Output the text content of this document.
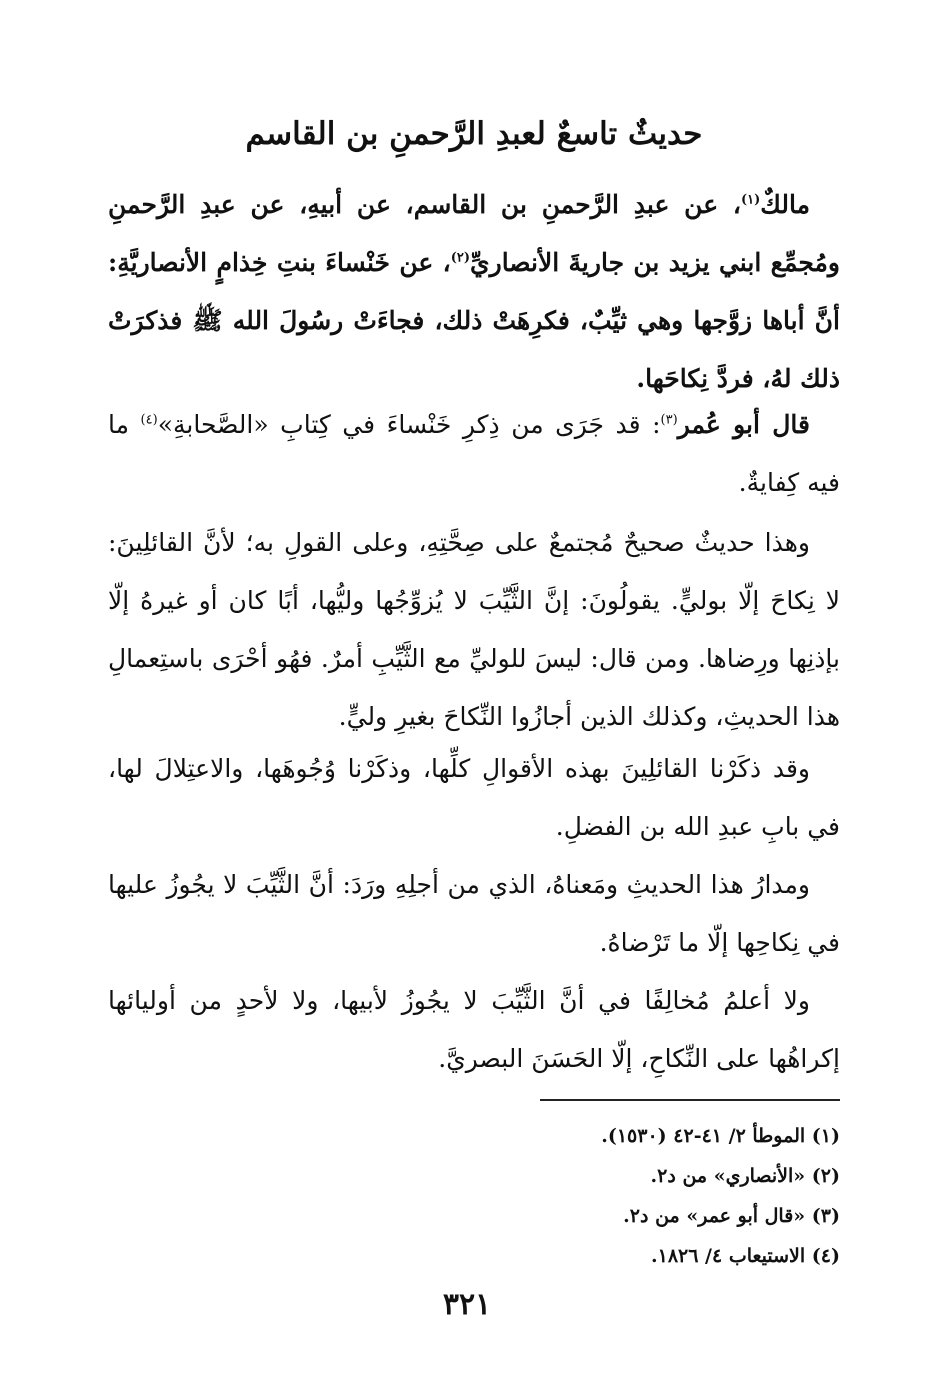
حديثٌ تاسعٌ لعبدِ الرَّحمنِ بن القاسم

مالكٌ$^{(١)}$، عن عبدِ الرَّحمنِ بن القاسم، عن أبيهِ، عن عبدِ الرَّحمنِ ومُجمِّع ابني يزيد بن جاريةَ الأنصاريِّ$^{(٢)}$، عن خَنْساءَ بنتِ خِذامٍ الأنصاريَّةِ: أنَّ أباها زوَّجها وهي ثيِّبٌ، فكرِهَتْ ذلك، فجاءَتْ رسُولَ الله ﷺ فذكرَتْ ذلك لهُ، فردَّ نِكاحَها.

قال أبو عُمر$^{(٣)}$: قد جَرَى من ذِكرِ خَنْساءَ في كِتابِ «الصَّحابةِ»$^{(٤)}$ ما فيه كِفايةٌ.

وهذا حديثٌ صحيحٌ مُجتمعٌ على صِحَّتِهِ، وعلى القولِ به؛ لأنَّ القائلِينَ: لا نِكاحَ إلّا بوليٍّ. يقولُونَ: إنَّ الثَّيِّبَ لا يُزوِّجُها وليُّها، أبًا كان أو غيرهُ إلّا بإذنِها ورِضاها. ومن قال: ليسَ للوليِّ مع الثَّيِّبِ أمرٌ. فهُو أحْرَى باستِعمالِ هذا الحديثِ، وكذلك الذين أجازُوا النِّكاحَ بغيرِ وليٍّ.

وقد ذكَرْنا القائلِينَ بهذه الأقوالِ كلِّها، وذكَرْنا وُجُوهَها، والاعتِلالَ لها، في بابِ عبدِ الله بن الفضلِ.

ومدارُ هذا الحديثِ ومَعناهُ، الذي من أجلِهِ ورَدَ: أنَّ الثَّيِّبَ لا يجُوزُ عليها في نِكاحِها إلّا ما تَرْضاهُ.

ولا أعلمُ مُخالِفًا في أنَّ الثَّيِّبَ لا يجُوزُ لأبيها، ولا لأحدٍ من أوليائها إكراهُها على النِّكاحِ، إلّا الحَسَنَ البصريَّ.

(١) الموطأ ٢/ ٤١-٤٢ (١٥٣٠).
(٢) «الأنصاري» من د٢.
(٣) «قال أبو عمر» من د٢.
(٤) الاستيعاب ٤/ ١٨٢٦.
٣٢١
